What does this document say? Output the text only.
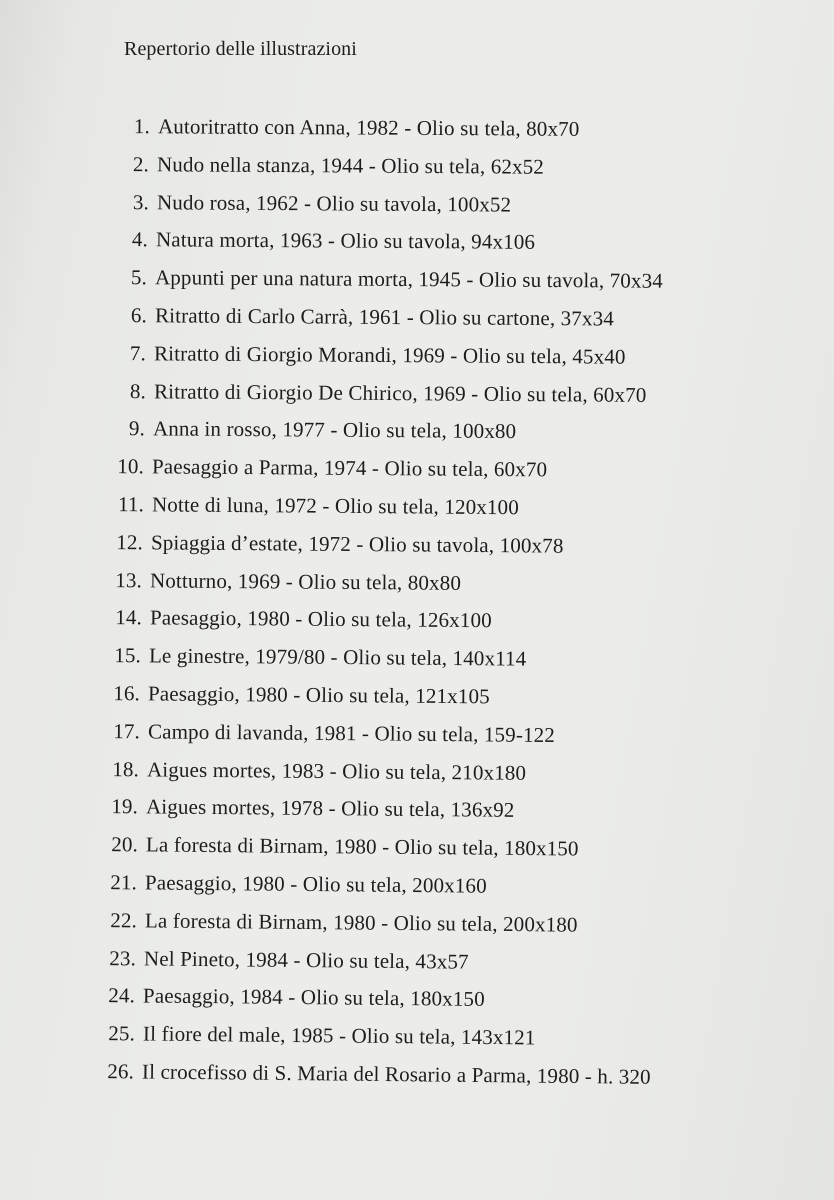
Repertorio delle illustrazioni
1. Autoritratto con Anna, 1982 - Olio su tela, 80x70
2. Nudo nella stanza, 1944 - Olio su tela, 62x52
3. Nudo rosa, 1962 - Olio su tavola, 100x52
4. Natura morta, 1963 - Olio su tavola, 94x106
5. Appunti per una natura morta, 1945 - Olio su tavola, 70x34
6. Ritratto di Carlo Carrà, 1961 - Olio su cartone, 37x34
7. Ritratto di Giorgio Morandi, 1969 - Olio su tela, 45x40
8. Ritratto di Giorgio De Chirico, 1969 - Olio su tela, 60x70
9. Anna in rosso, 1977 - Olio su tela, 100x80
10. Paesaggio a Parma, 1974 - Olio su tela, 60x70
11. Notte di luna, 1972 - Olio su tela, 120x100
12. Spiaggia d’estate, 1972 - Olio su tavola, 100x78
13. Notturno, 1969 - Olio su tela, 80x80
14. Paesaggio, 1980 - Olio su tela, 126x100
15. Le ginestre, 1979/80 - Olio su tela, 140x114
16. Paesaggio, 1980 - Olio su tela, 121x105
17. Campo di lavanda, 1981 - Olio su tela, 159-122
18. Aigues mortes, 1983 - Olio su tela, 210x180
19. Aigues mortes, 1978 - Olio su tela, 136x92
20. La foresta di Birnam, 1980 - Olio su tela, 180x150
21. Paesaggio, 1980 - Olio su tela, 200x160
22. La foresta di Birnam, 1980 - Olio su tela, 200x180
23. Nel Pineto, 1984 - Olio su tela, 43x57
24. Paesaggio, 1984 - Olio su tela, 180x150
25. Il fiore del male, 1985 - Olio su tela, 143x121
26. Il crocefisso di S. Maria del Rosario a Parma, 1980 - h. 320
